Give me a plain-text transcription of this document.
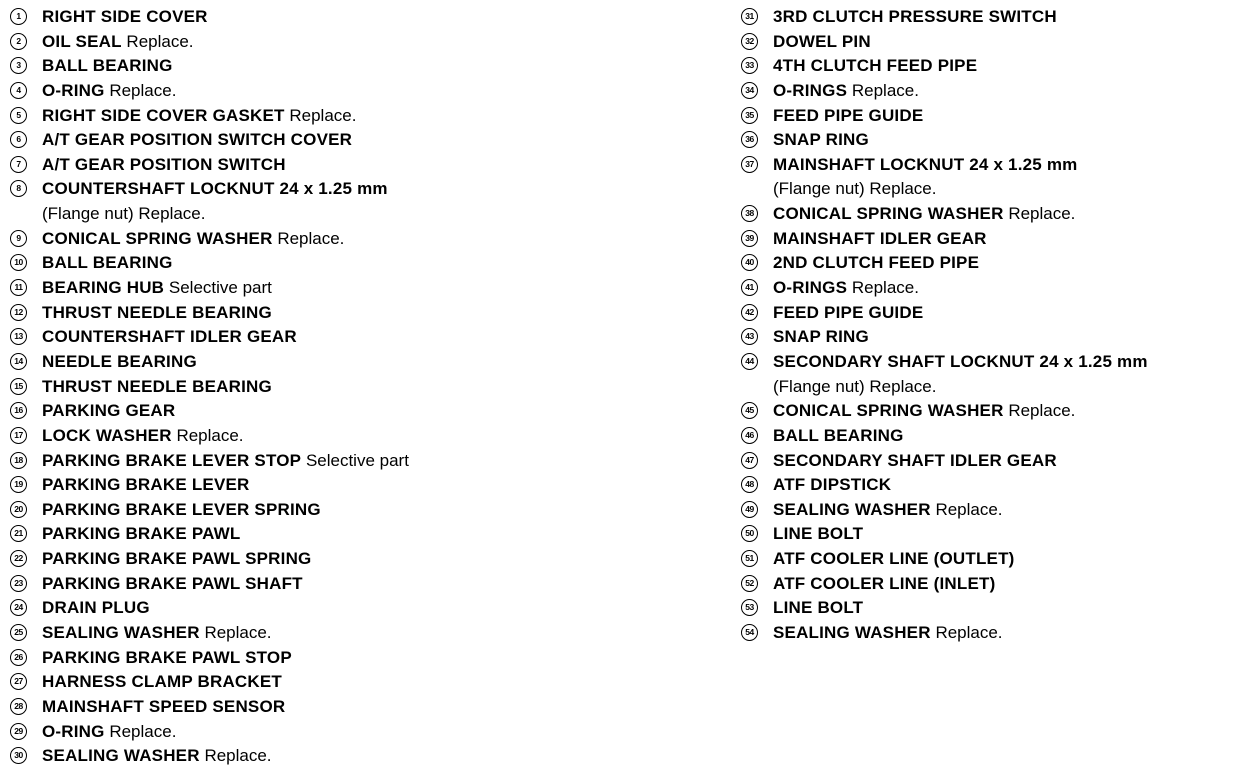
1	RIGHT SIDE COVER
2	OIL SEAL Replace.
3	BALL BEARING
4	O-RING Replace.
5	RIGHT SIDE COVER GASKET Replace.
6	A/T GEAR POSITION SWITCH COVER
7	A/T GEAR POSITION SWITCH
8	COUNTERSHAFT LOCKNUT 24 x 1.25 mm
(Flange nut) Replace.
9	CONICAL SPRING WASHER Replace.
10 BALL BEARING
11 BEARING HUB Selective part
12 THRUST NEEDLE BEARING
13 COUNTERSHAFT IDLER GEAR
14 NEEDLE BEARING
15 THRUST NEEDLE BEARING
16 PARKING GEAR
17 LOCK WASHER Replace.
18 PARKING BRAKE LEVER STOP Selective part
19 PARKING BRAKE LEVER
20 PARKING BRAKE LEVER SPRING
21 PARKING BRAKE PAWL
22 PARKING BRAKE PAWL SPRING
23 PARKING BRAKE PAWL SHAFT
24 DRAIN PLUG
25 SEALING WASHER Replace.
26 PARKING BRAKE PAWL STOP
27 HARNESS CLAMP BRACKET
28 MAINSHAFT SPEED SENSOR
29 O-RING Replace.
30 SEALING WASHER Replace.
31 3RD CLUTCH PRESSURE SWITCH
32 DOWEL PIN
33 4TH CLUTCH FEED PIPE
34 O-RINGS Replace.
35 FEED PIPE GUIDE
36 SNAP RING
37 MAINSHAFT LOCKNUT 24 x 1.25 mm
(Flange nut) Replace.
38 CONICAL SPRING WASHER Replace.
39 MAINSHAFT IDLER GEAR
40 2ND CLUTCH FEED PIPE
41 O-RINGS Replace.
42 FEED PIPE GUIDE
43 SNAP RING
44 SECONDARY SHAFT LOCKNUT 24 x 1.25 mm
(Flange nut) Replace.
45 CONICAL SPRING WASHER Replace.
46 BALL BEARING
47 SECONDARY SHAFT IDLER GEAR
48 ATF DIPSTICK
49 SEALING WASHER Replace.
50 LINE BOLT
51 ATF COOLER LINE (OUTLET)
52 ATF COOLER LINE (INLET)
53 LINE BOLT
54 SEALING WASHER Replace.
